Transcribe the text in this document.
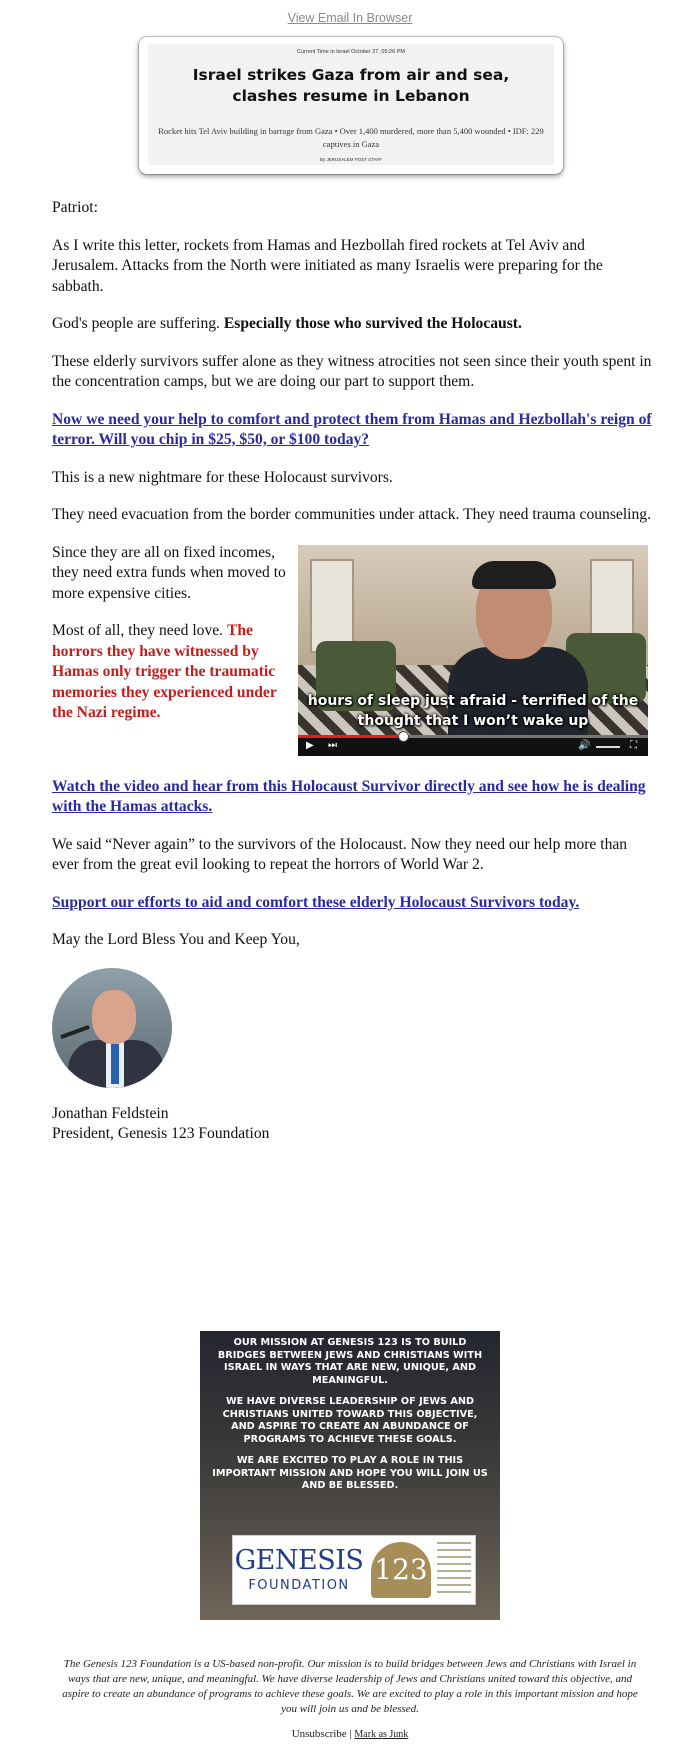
View Email In Browser
Current Time in Israel October 27, 05:26 PM
Israel strikes Gaza from air and sea, clashes resume in Lebanon
Rocket hits Tel Aviv building in barrage from Gaza • Over 1,400 murdered, more than 5,400 wounded • IDF: 229 captives in Gaza
By JERUSALEM POST STAFF

Patriot:

As I write this letter, rockets from Hamas and Hezbollah fired rockets at Tel Aviv and Jerusalem. Attacks from the North were initiated as many Israelis were preparing for the sabbath.

God's people are suffering. Especially those who survived the Holocaust.

These elderly survivors suffer alone as they witness atrocities not seen since their youth spent in the concentration camps, but we are doing our part to support them.

Now we need your help to comfort and protect them from Hamas and Hezbollah's reign of terror. Will you chip in $25, $50, or $100 today?

This is a new nightmare for these Holocaust survivors.

They need evacuation from the border communities under attack. They need trauma counseling.

Since they are all on fixed incomes, they need extra funds when moved to more expensive cities.

Most of all, they need love. The horrors they have witnessed by Hamas only trigger the traumatic memories they experienced under the Nazi regime.

hours of sleep just afraid - terrified of the thought that I won’t wake up
▶ ⏭	🔊	⛶

Watch the video and hear from this Holocaust Survivor directly and see how he is dealing with the Hamas attacks.

We said “Never again” to the survivors of the Holocaust. Now they need our help more than ever from the great evil looking to repeat the horrors of World War 2.

Support our efforts to aid and comfort these elderly Holocaust Survivors today.

May the Lord Bless You and Keep You,

Jonathan Feldstein

President, Genesis 123 Foundation

OUR MISSION AT GENESIS 123 IS TO BUILD BRIDGES BETWEEN JEWS AND CHRISTIANS WITH ISRAEL IN WAYS THAT ARE NEW, UNIQUE, AND MEANINGFUL.
WE HAVE DIVERSE LEADERSHIP OF JEWS AND CHRISTIANS UNITED TOWARD THIS OBJECTIVE, AND ASPIRE TO CREATE AN ABUNDANCE OF PROGRAMS TO ACHIEVE THESE GOALS.
WE ARE EXCITED TO PLAY A ROLE IN THIS IMPORTANT MISSION AND HOPE YOU WILL JOIN US AND BE BLESSED.
GENESIS
FOUNDATION 123
The Genesis 123 Foundation is a US-based non-profit. Our mission is to build bridges between Jews and Christians with Israel in ways that are new, unique, and meaningful. We have diverse leadership of Jews and Christians united toward this objective, and aspire to create an abundance of programs to achieve these goals. We are excited to play a role in this important mission and hope you will join us and be blessed.
Unsubscribe | Mark as Junk
